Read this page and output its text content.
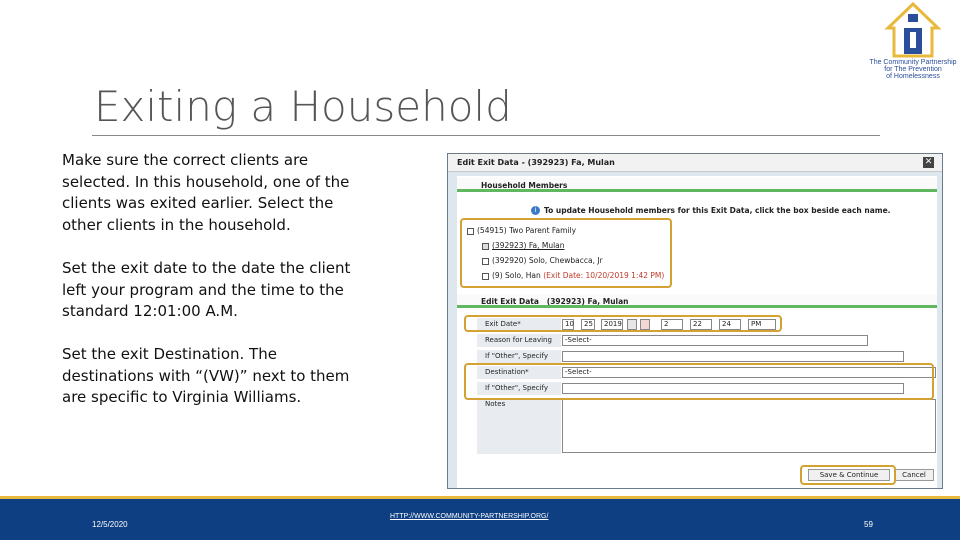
The Community Partnership
for The Prevention
of Homelessness
Exiting a Household
Make sure the correct clients are selected. In this household, one of the clients was exited earlier. Select the other clients in the household.
Set the exit date to the date the client left your program and the time to the standard 12:01:00 A.M.
Set the exit Destination. The destinations with “(VW)” next to them are specific to Virginia Williams.
Edit Exit Data - (392923) Fa, Mulan	✕
Household Members
i	To update Household members for this Exit Data, click the box beside each name.
(54915) Two Parent Family
(392923) Fa, Mulan
(392920) Solo, Chewbacca, Jr
(9) Solo, Han (Exit Date: 10/20/2019 1:42 PM)
Edit Exit Data (392923) Fa, Mulan
Exit Date*	10	25	2019	2	22	24	PM
Reason for Leaving	-Select-
If "Other", Specify
Destination*	-Select-
If "Other", Specify
Notes
Save & Continue	Cancel
12/5/2020
HTTP://WWW.COMMUNITY-PARTNERSHIP.ORG/
59
